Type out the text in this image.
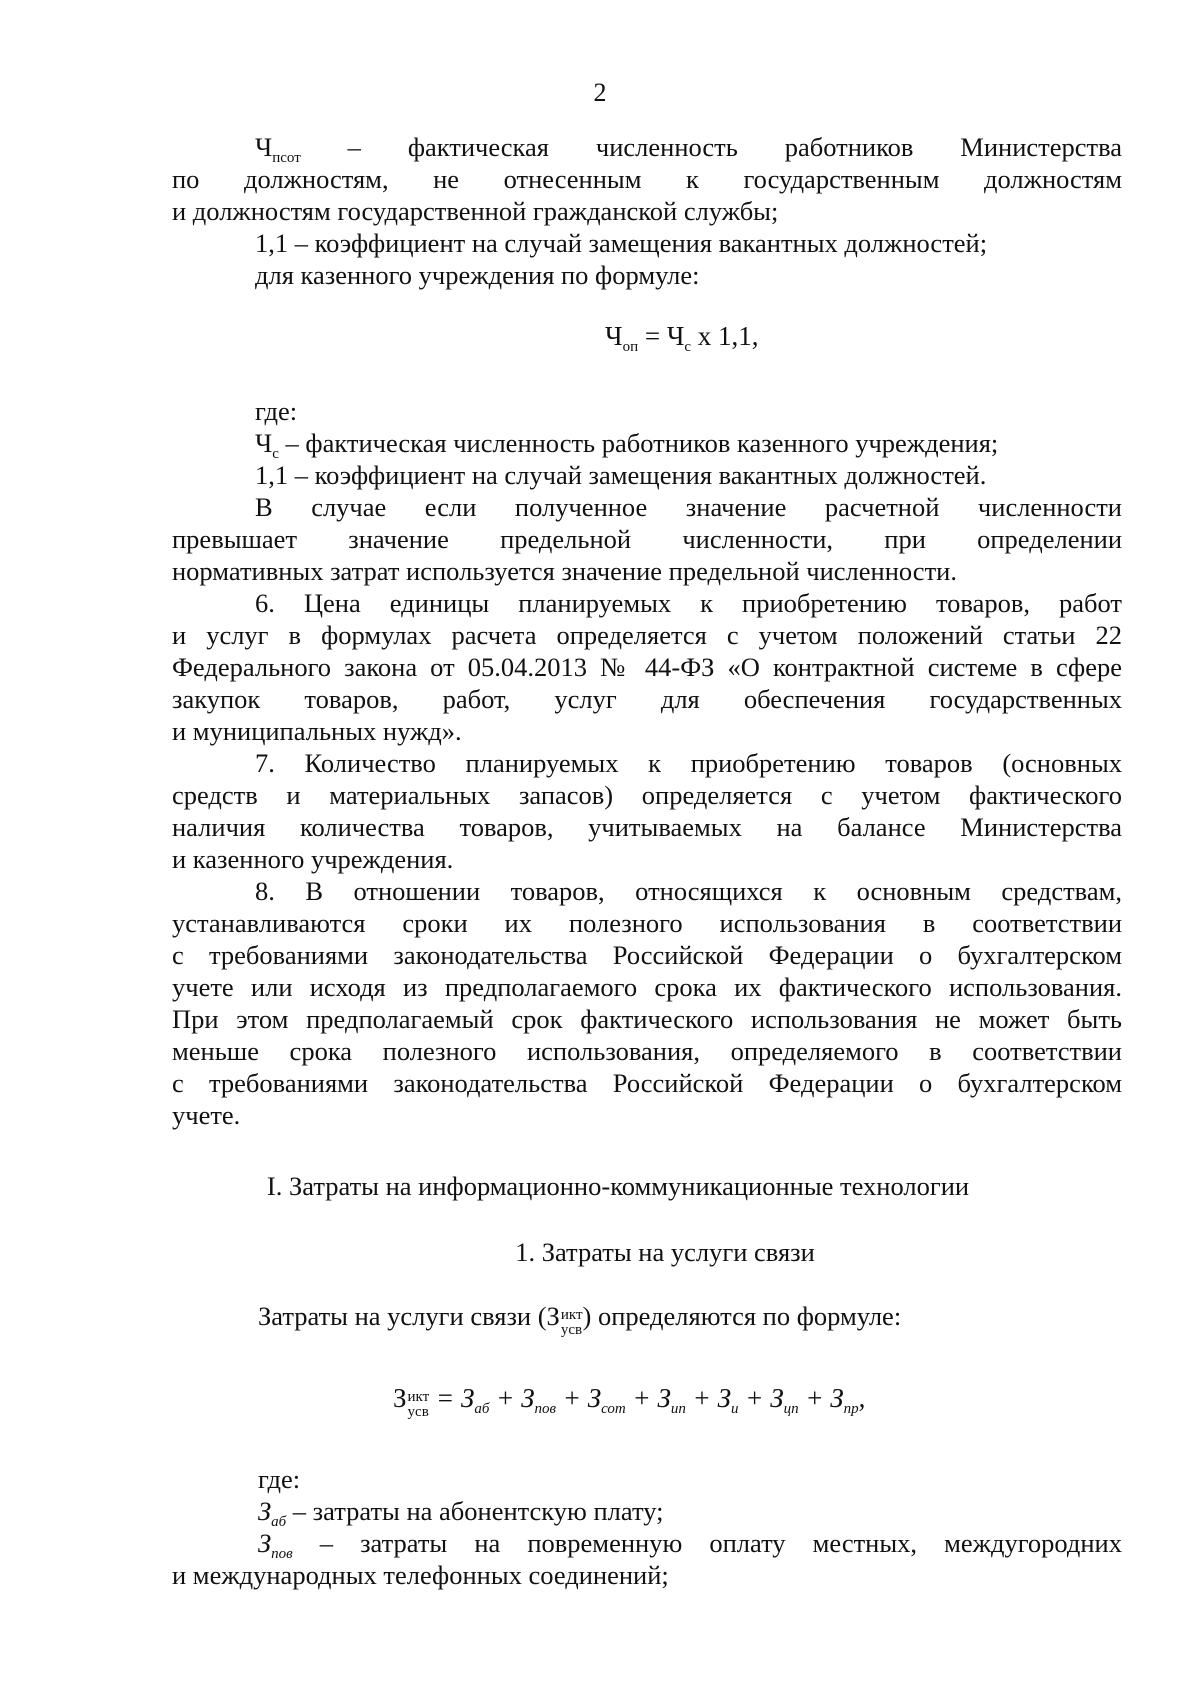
2
$Ч_{псот}$ – фактическая численность работников Министерства
по должностям, не отнесенным к государственным должностям
и должностям государственной гражданской службы;
1,1 – коэффициент на случай замещения вакантных должностей;
для казенного учреждения по формуле:
$Ч_{оп} = Ч_с$ х 1,1,
где:
$Ч_с$ – фактическая численность работников казенного учреждения;
1,1 – коэффициент на случай замещения вакантных должностей.
В случае если полученное значение расчетной численности
превышает значение предельной численности, при определении
нормативных затрат используется значение предельной численности.
6. Цена единицы планируемых к приобретению товаров, работ
и услуг в формулах расчета определяется с учетом положений статьи 22
Федерального закона от 05.04.2013 № 44-ФЗ «О контрактной системе в сфере
закупок товаров, работ, услуг для обеспечения государственных
и муниципальных нужд».
7. Количество планируемых к приобретению товаров (основных
средств и материальных запасов) определяется с учетом фактического
наличия количества товаров, учитываемых на балансе Министерства
и казенного учреждения.
8. В отношении товаров, относящихся к основным средствам,
устанавливаются сроки их полезного использования в соответствии
с требованиями законодательства Российской Федерации о бухгалтерском
учете или исходя из предполагаемого срока их фактического использования.
При этом предполагаемый срок фактического использования не может быть
меньше срока полезного использования, определяемого в соответствии
с требованиями законодательства Российской Федерации о бухгалтерском
учете.
I. Затраты на информационно-коммуникационные технологии
1. Затраты на услуги связи
Затраты на услуги связи (З икт
усв ) определяются по формуле:
З икт
усв = $З_{аб} + З_{пов} + З_{сот} + З_{ип} + З_и + З_{цп} + З_{пр}$,
где:
$З_{аб}$ – затраты на абонентскую плату;
$З_{пов}$ – затраты на повременную оплату местных, междугородних
и международных телефонных соединений;
